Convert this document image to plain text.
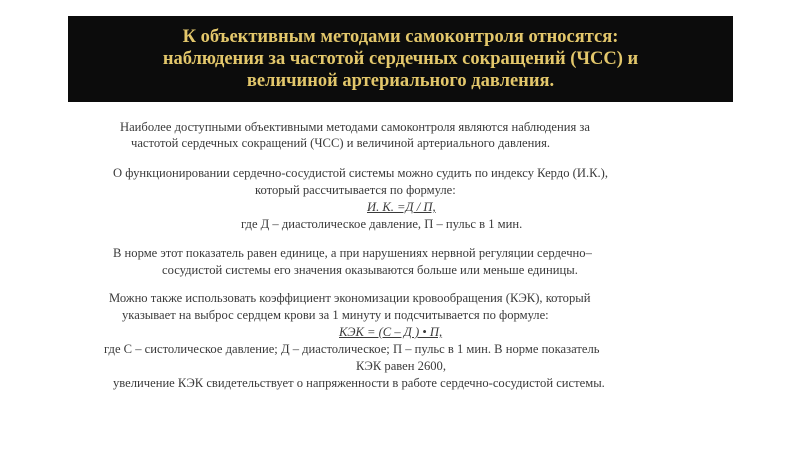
К объективным методами самоконтроля относятся:
наблюдения за частотой сердечных сокращений (ЧСС) и
величиной артериального давления.
Наиболее доступными объективными методами самоконтроля являются наблюдения за
частотой сердечных сокращений (ЧСС) и величиной артериального давления.
О функционировании сердечно-сосудистой системы можно судить по индексу Кердо (И.К.),
который рассчитывается по формуле:
И. К. =Д / П,
где Д – диастолическое давление, П – пульс в 1 мин.
В норме этот показатель равен единице, а при нарушениях нервной регуляции сердечно–
сосудистой системы его значения оказываются больше или меньше единицы.
Можно также использовать коэффициент экономизации кровообращения (КЭК), который
указывает на выброс сердцем крови за 1 минуту и подсчитывается по формуле:
КЭК = (С – Д ) • П,
где С – систолическое давление; Д – диастолическое; П – пульс в 1 мин. В норме показатель
КЭК равен 2600,
увеличение КЭК свидетельствует о напряженности в работе сердечно-сосудистой системы.
